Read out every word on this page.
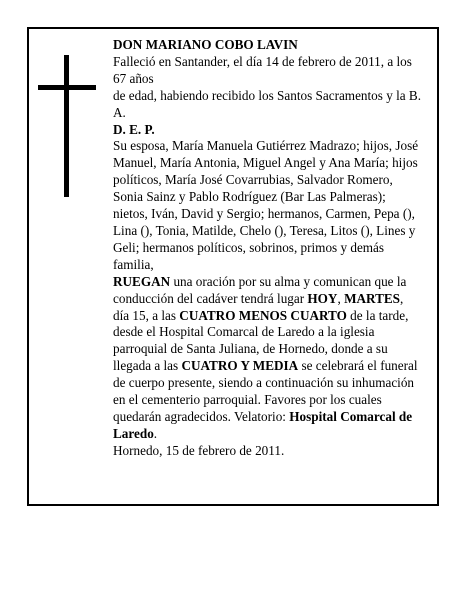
DON MARIANO COBO LAVIN

Falleció en Santander, el día 14 de febrero de 2011, a los 67 años

de edad, habiendo recibido los Santos Sacramentos y la B. A.

D. E. P.

Su esposa, María Manuela Gutiérrez Madrazo; hijos, José Manuel, María Antonia, Miguel Angel y Ana María; hijos políticos, María José Covarrubias, Salvador Romero, Sonia Sainz y Pablo Rodríguez (Bar Las Palmeras); nietos, Iván, David y Sergio; hermanos, Carmen, Pepa (), Lina (), Tonia, Matilde, Chelo (), Teresa, Litos (), Lines y Geli; hermanos políticos, sobrinos, primos y demás familia,

RUEGAN una oración por su alma y comunican que la conducción del cadáver tendrá lugar HOY, MARTES, día 15, a las CUATRO MENOS CUARTO de la tarde, desde el Hospital Comarcal de Laredo a la iglesia parroquial de Santa Juliana, de Hornedo, donde a su llegada a las CUATRO Y MEDIA se celebrará el funeral de cuerpo presente, siendo a continuación su inhumación en el cementerio parroquial. Favores por los cuales quedarán agradecidos. Velatorio: Hospital Comarcal de Laredo.

Hornedo, 15 de febrero de 2011.
